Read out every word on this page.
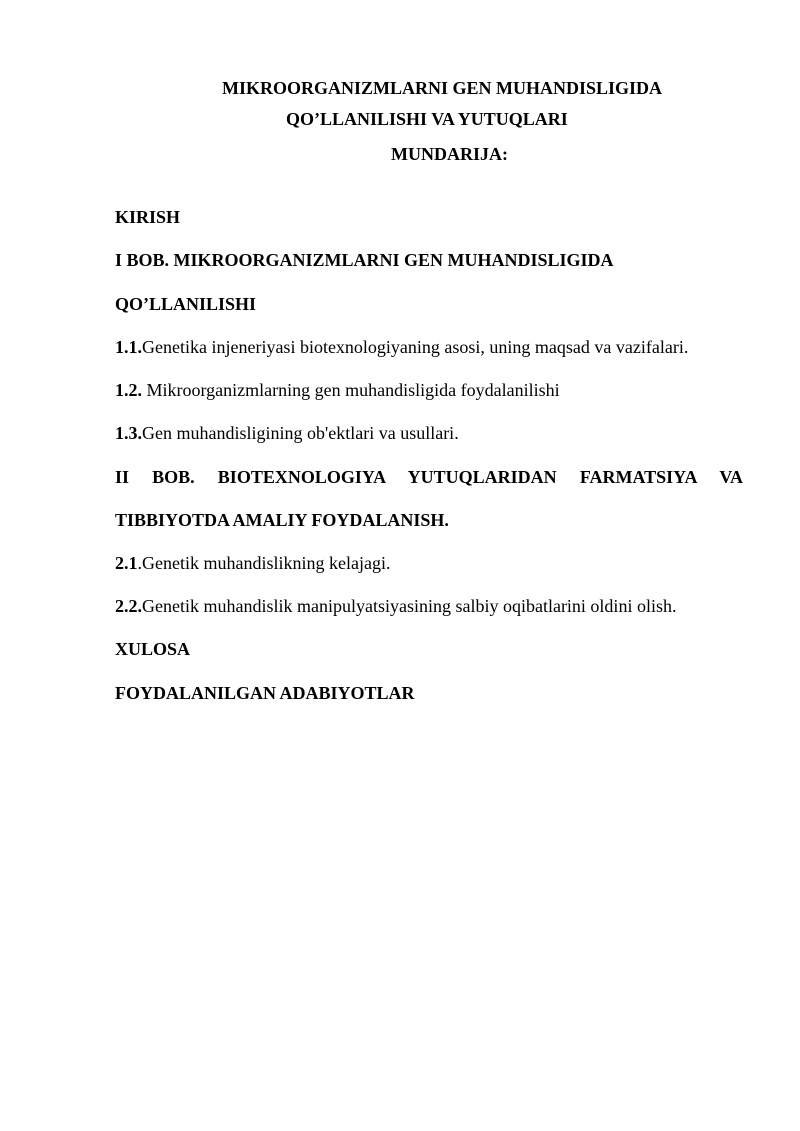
MIKROORGANIZMLARNI GEN MUHANDISLIGIDA
QO’LLANILISHI VA YUTUQLARI
MUNDARIJA:
KIRISH
I BOB. MIKROORGANIZMLARNI GEN MUHANDISLIGIDA
QO’LLANILISHI
1.1.Genetika injeneriyasi biotexnologiyaning asosi, uning maqsad va vazifalari.
1.2. Mikroorganizmlarning gen muhandisligida foydalanilishi
1.3.Gen muhandisligining ob'ektlari va usullari.
II BOB. BIOTEXNOLOGIYA YUTUQLARIDAN FARMATSIYA VA
TIBBIYOTDA AMALIY FOYDALANISH.
2.1.Genetik muhandislikning kelajagi.
2.2.Genetik muhandislik manipulyatsiyasining salbiy oqibatlarini oldini olish.
XULOSA
FOYDALANILGAN ADABIYOTLAR
